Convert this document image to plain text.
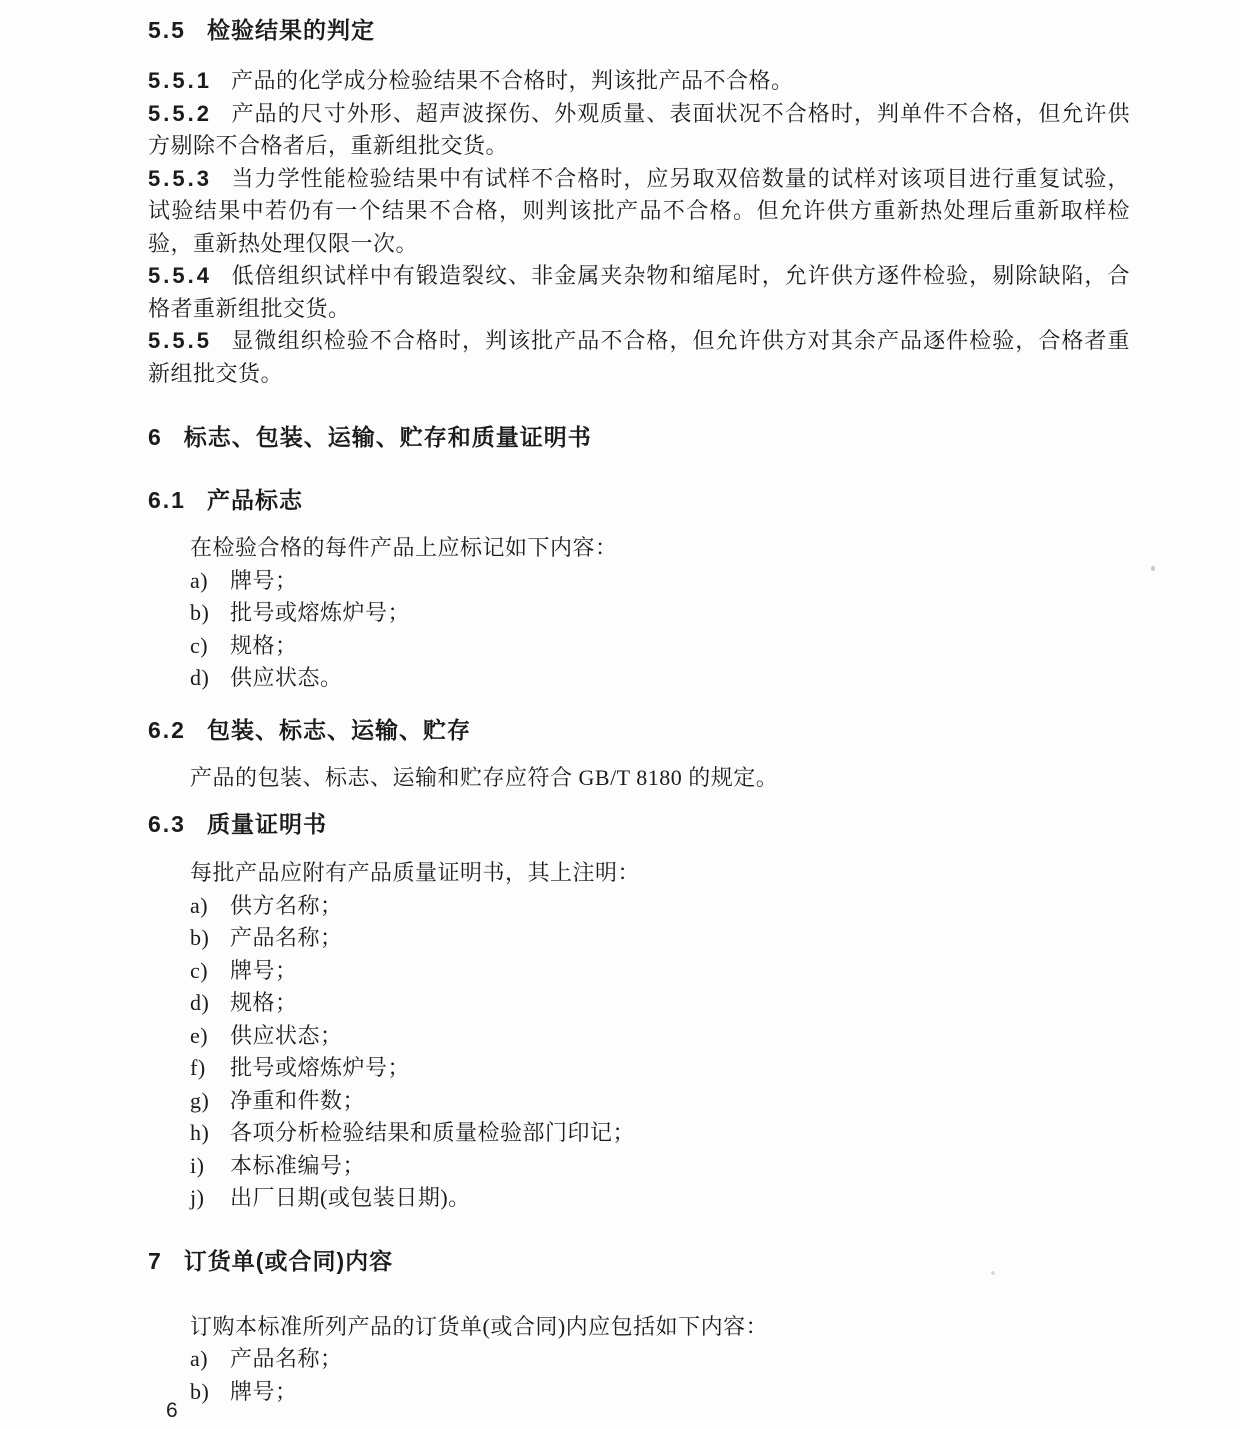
5.5 检验结果的判定

5.5.1 产品的化学成分检验结果不合格时，判该批产品不合格。

5.5.2 产品的尺寸外形、超声波探伤、外观质量、表面状况不合格时，判单件不合格，但允许供方剔除不合格者后，重新组批交货。

5.5.3 当力学性能检验结果中有试样不合格时，应另取双倍数量的试样对该项目进行重复试验，试验结果中若仍有一个结果不合格，则判该批产品不合格。但允许供方重新热处理后重新取样检验，重新热处理仅限一次。

5.5.4 低倍组织试样中有锻造裂纹、非金属夹杂物和缩尾时，允许供方逐件检验，剔除缺陷，合格者重新组批交货。

5.5.5 显微组织检验不合格时，判该批产品不合格，但允许供方对其余产品逐件检验，合格者重新组批交货。

6 标志、包装、运输、贮存和质量证明书
6.1 产品标志

在检验合格的每件产品上应标记如下内容：

a) 牌号；
b) 批号或熔炼炉号；
c) 规格；
d) 供应状态。
6.2 包装、标志、运输、贮存

产品的包装、标志、运输和贮存应符合 GB/T 8180 的规定。

6.3 质量证明书

每批产品应附有产品质量证明书，其上注明：

a) 供方名称；
b) 产品名称；
c) 牌号；
d) 规格；
e) 供应状态；
f)	批号或熔炼炉号；
g) 净重和件数；
h) 各项分析检验结果和质量检验部门印记；
i)	本标准编号；
j)	出厂日期(或包装日期)。
7 订货单(或合同)内容

订购本标准所列产品的订货单(或合同)内应包括如下内容：

a) 产品名称；
b) 牌号；
6
